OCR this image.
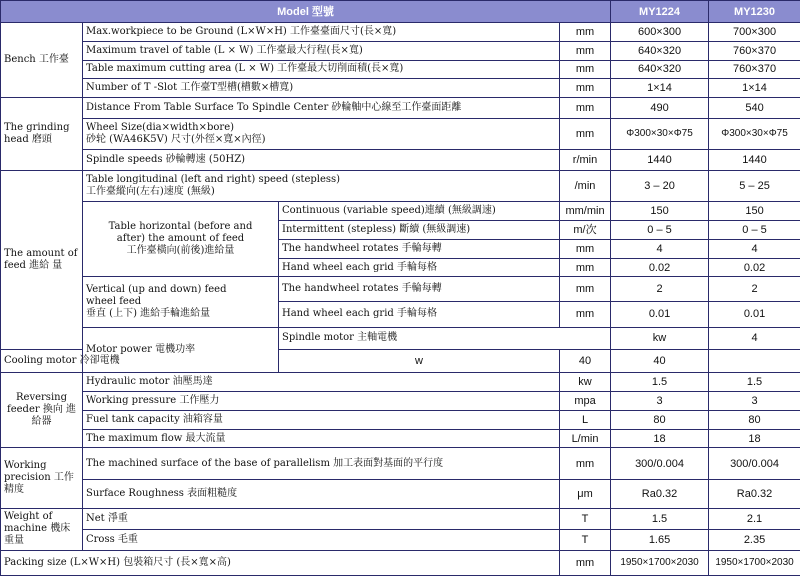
Model 型號				MY1224	MY1230	
Bench 工作臺	Max.workpiece to be Ground (L×W×H) 工作臺臺面尺寸(長×寬)		mm	600×300	700×300	
	Maximum travel of table (L × W) 工作臺最大行程(長×寬)		mm	640×320	760×370	
	Table maximum cutting area (L × W) 工作臺最大切削面積(長×寬)		mm	640×320	760×370	
	Number of T -Slot 工作臺T型槽(槽數×槽寬)		mm	1×14	1×14	
The grinding head 磨頭	Distance From Table Surface To Spindle Center 砂輪軸中心線至工作臺面距離		mm	490	540	
	Wheel Size(dia×width×bore)
砂轮 (WA46K5V) 尺寸(外徑×寬×內徑)		mm	Φ300×30×Φ75	Φ300×30×Φ75	
	Spindle speeds 砂輪轉速 (50HZ)		r/min	1440	1440	
The amount of feed 進給 量	Table longitudinal (left and right) speed (stepless)
工作臺縱向(左右)速度 (無級)		/min	3 – 20	5 – 25	
	Table horizontal (before and
after) the amount of feed
工作臺橫向(前後)進給量	Continuous (variable speed)連續 (無級調速)	mm/min	150	150	
		Intermittent (stepless) 斷續 (無級調速)	m/次	0 – 5	0 – 5	
		The handwheel rotates 手輪每轉	mm	4	4	
		Hand wheel each grid 手輪每格	mm	0.02	0.02	
	Vertical (up and down) feed
wheel feed
垂直 (上下) 進給手輪進給量	The handwheel rotates 手輪每轉	mm	2	2	
		Hand wheel each grid 手輪每格	mm	0.01	0.01	
	Motor power 電機功率	Spindle motor 主軸電機		kw	4	
Cooling motor 冷卻電機		w	40	40		
Reversing feeder 換向 進給器	Hydraulic motor 油壓馬達		kw	1.5	1.5	
	Working pressure 工作壓力		mpa	3	3	
	Fuel tank capacity 油箱容量		L	80	80	
	The maximum flow 最大流量		L/min	18	18	
Working precision 工作精度	The machined surface of the base of parallelism 加工表面對基面的平行度		mm	300/0.004	300/0.004	
	Surface Roughness 表面粗糙度		μm	Ra0.32	Ra0.32	
Weight of machine 機床重量	Net 淨重		T	1.5	2.1	
	Cross 毛重		T	1.65	2.35	
Packing size (L×W×H) 包裝箱尺寸 (長×寬×高)			mm	1950×1700×2030	1950×1700×2030	
